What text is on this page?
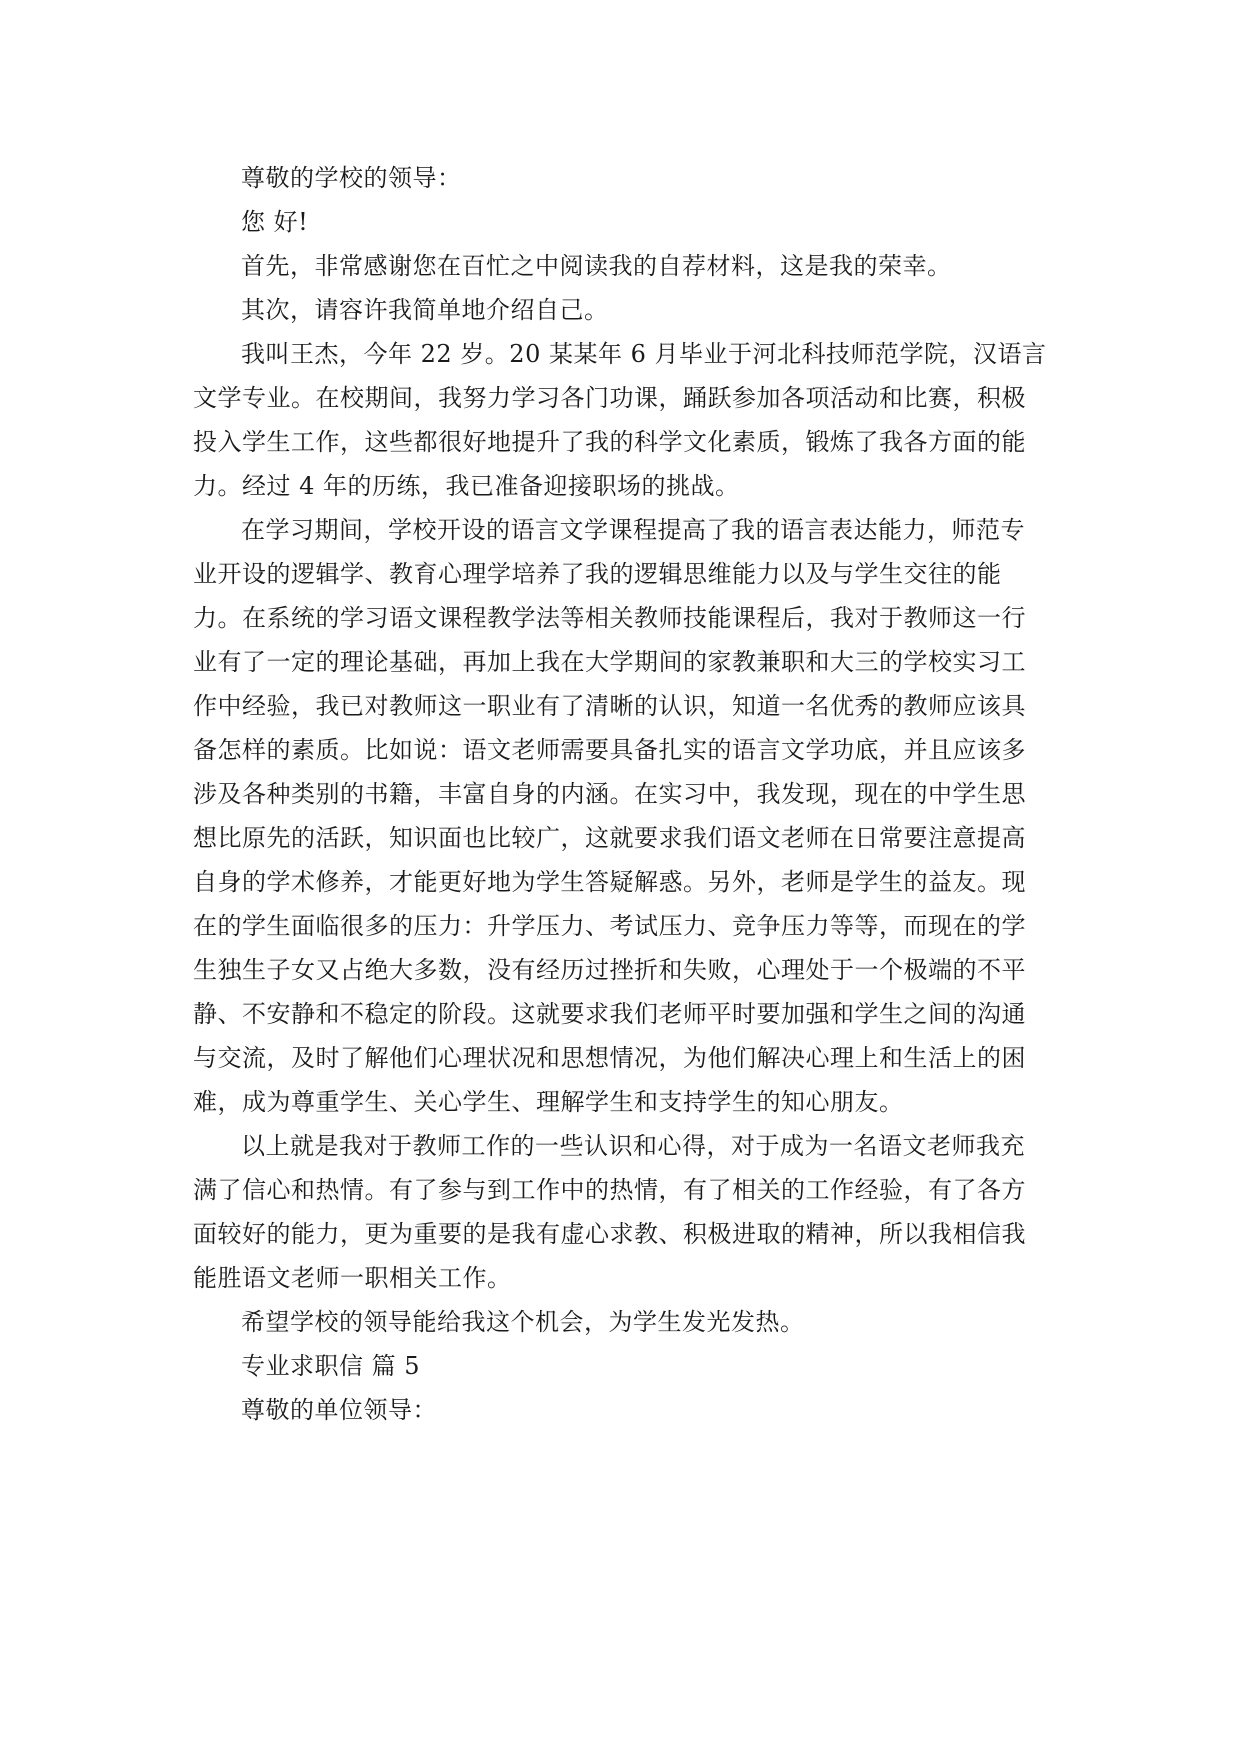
尊敬的学校的领导：
您 好!
首先，非常感谢您在百忙之中阅读我的自荐材料，这是我的荣幸。
其次，请容许我简单地介绍自己。
我叫王杰，今年 22 岁。20 某某年 6 月毕业于河北科技师范学院，汉语言
文学专业。在校期间，我努力学习各门功课，踊跃参加各项活动和比赛，积极
投入学生工作，这些都很好地提升了我的科学文化素质，锻炼了我各方面的能
力。经过 4 年的历练，我已准备迎接职场的挑战。
在学习期间，学校开设的语言文学课程提高了我的语言表达能力，师范专
业开设的逻辑学、教育心理学培养了我的逻辑思维能力以及与学生交往的能
力。在系统的学习语文课程教学法等相关教师技能课程后，我对于教师这一行
业有了一定的理论基础，再加上我在大学期间的家教兼职和大三的学校实习工
作中经验，我已对教师这一职业有了清晰的认识，知道一名优秀的教师应该具
备怎样的素质。比如说：语文老师需要具备扎实的语言文学功底，并且应该多
涉及各种类别的书籍，丰富自身的内涵。在实习中，我发现，现在的中学生思
想比原先的活跃，知识面也比较广，这就要求我们语文老师在日常要注意提高
自身的学术修养，才能更好地为学生答疑解惑。另外，老师是学生的益友。现
在的学生面临很多的压力：升学压力、考试压力、竞争压力等等，而现在的学
生独生子女又占绝大多数，没有经历过挫折和失败，心理处于一个极端的不平
静、不安静和不稳定的阶段。这就要求我们老师平时要加强和学生之间的沟通
与交流，及时了解他们心理状况和思想情况，为他们解决心理上和生活上的困
难，成为尊重学生、关心学生、理解学生和支持学生的知心朋友。
以上就是我对于教师工作的一些认识和心得，对于成为一名语文老师我充
满了信心和热情。有了参与到工作中的热情，有了相关的工作经验，有了各方
面较好的能力，更为重要的是我有虚心求教、积极进取的精神，所以我相信我
能胜语文老师一职相关工作。
希望学校的领导能给我这个机会，为学生发光发热。
专业求职信 篇 5
尊敬的单位领导：
